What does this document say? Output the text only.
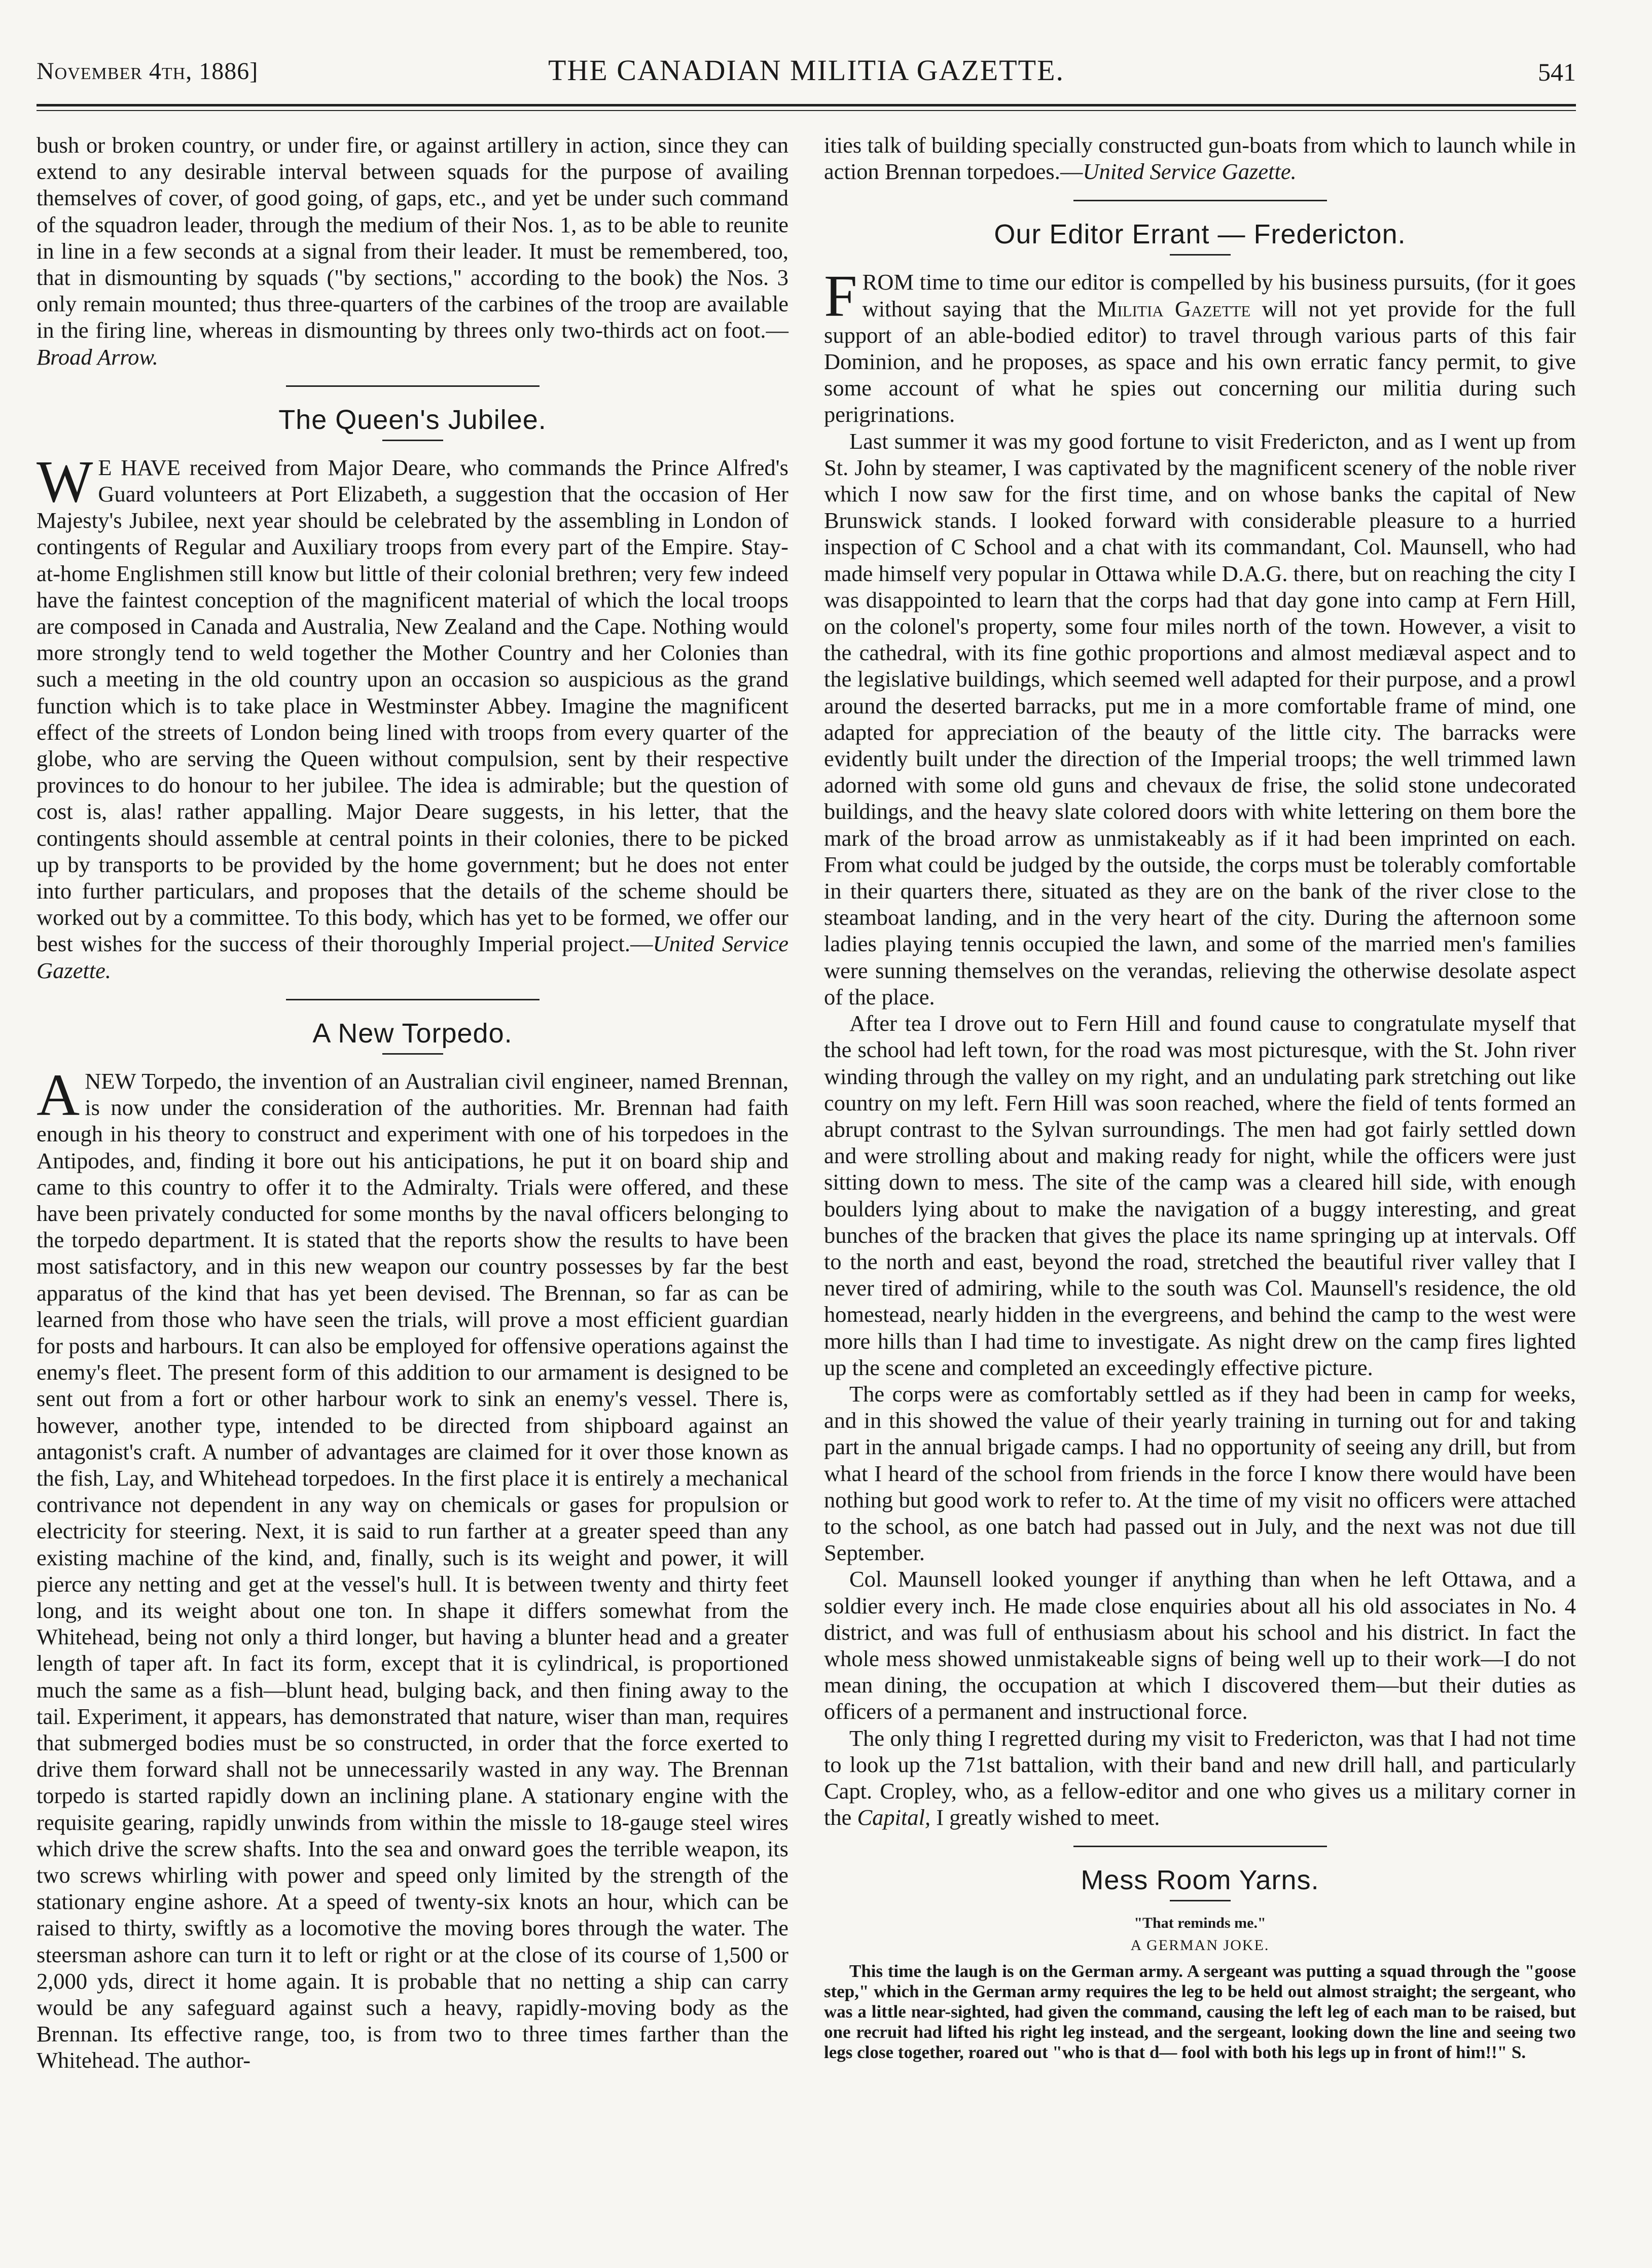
November 4th, 1886]	THE CANADIAN MILITIA GAZETTE.	541

bush or broken country, or under fire, or against artillery in action, since they can extend to any desirable interval between squads for the purpose of availing themselves of cover, of good going, of gaps, etc., and yet be under such command of the squadron leader, through the medium of their Nos. 1, as to be able to reunite in line in a few seconds at a signal from their leader. It must be remembered, too, that in dismounting by squads ("by sections," according to the book) the Nos. 3 only remain mounted; thus three-quarters of the carbines of the troop are available in the firing line, whereas in dismounting by threes only two-thirds act on foot.—Broad Arrow.

The Queen's Jubilee.

W E HAVE received from Major Deare, who commands the Prince Alfred's Guard volunteers at Port Elizabeth, a suggestion that the occasion of Her Majesty's Jubilee, next year should be celebrated by the assembling in London of contingents of Regular and Auxiliary troops from every part of the Empire. Stay-at-home Englishmen still know but little of their colonial brethren; very few indeed have the faintest conception of the magnificent material of which the local troops are composed in Canada and Australia, New Zealand and the Cape. Nothing would more strongly tend to weld together the Mother Country and her Colonies than such a meeting in the old country upon an occasion so auspicious as the grand function which is to take place in Westminster Abbey. Imagine the magnificent effect of the streets of London being lined with troops from every quarter of the globe, who are serving the Queen without compulsion, sent by their respective provinces to do honour to her jubilee. The idea is admirable; but the question of cost is, alas! rather appalling. Major Deare suggests, in his letter, that the contingents should assemble at central points in their colonies, there to be picked up by transports to be provided by the home government; but he does not enter into further particulars, and proposes that the details of the scheme should be worked out by a committee. To this body, which has yet to be formed, we offer our best wishes for the success of their thoroughly Imperial project.—United Service Gazette.

A New Torpedo.

ANEW Torpedo, the invention of an Australian civil engineer, named Brennan, is now under the consideration of the authorities. Mr. Brennan had faith enough in his theory to construct and experiment with one of his torpedoes in the Antipodes, and, finding it bore out his anticipations, he put it on board ship and came to this country to offer it to the Admiralty. Trials were offered, and these have been privately conducted for some months by the naval officers belonging to the torpedo department. It is stated that the reports show the results to have been most satisfactory, and in this new weapon our country possesses by far the best apparatus of the kind that has yet been devised. The Brennan, so far as can be learned from those who have seen the trials, will prove a most efficient guardian for posts and harbours. It can also be employed for offensive operations against the enemy's fleet. The present form of this addition to our armament is designed to be sent out from a fort or other harbour work to sink an enemy's vessel. There is, however, another type, intended to be directed from shipboard against an antagonist's craft. A number of advantages are claimed for it over those known as the fish, Lay, and Whitehead torpedoes. In the first place it is entirely a mechanical contrivance not dependent in any way on chemicals or gases for propulsion or electricity for steering. Next, it is said to run farther at a greater speed than any existing machine of the kind, and, finally, such is its weight and power, it will pierce any netting and get at the vessel's hull. It is between twenty and thirty feet long, and its weight about one ton. In shape it differs somewhat from the Whitehead, being not only a third longer, but having a blunter head and a greater length of taper aft. In fact its form, except that it is cylindrical, is proportioned much the same as a fish—blunt head, bulging back, and then fining away to the tail. Experiment, it appears, has demonstrated that nature, wiser than man, requires that submerged bodies must be so constructed, in order that the force exerted to drive them forward shall not be unnecessarily wasted in any way. The Brennan torpedo is started rapidly down an inclining plane. A stationary engine with the requisite gearing, rapidly unwinds from within the missle to 18-gauge steel wires which drive the screw shafts. Into the sea and onward goes the terrible weapon, its two screws whirling with power and speed only limited by the strength of the stationary engine ashore. At a speed of twenty-six knots an hour, which can be raised to thirty, swiftly as a locomotive the moving bores through the water. The steersman ashore can turn it to left or right or at the close of its course of 1,500 or 2,000 yds, direct it home again. It is probable that no netting a ship can carry would be any safeguard against such a heavy, rapidly-moving body as the Brennan. Its effective range, too, is from two to three times farther than the Whitehead. The author-

ities talk of building specially constructed gun-boats from which to launch while in action Brennan torpedoes.—United Service Gazette.

Our Editor Errant — Fredericton.

FROM time to time our editor is compelled by his business pursuits, (for it goes without saying that the Militia Gazette will not yet provide for the full support of an able-bodied editor) to travel through various parts of this fair Dominion, and he proposes, as space and his own erratic fancy permit, to give some account of what he spies out concerning our militia during such perigrinations.

Last summer it was my good fortune to visit Fredericton, and as I went up from St. John by steamer, I was captivated by the magnificent scenery of the noble river which I now saw for the first time, and on whose banks the capital of New Brunswick stands. I looked forward with considerable pleasure to a hurried inspection of C School and a chat with its commandant, Col. Maunsell, who had made himself very popular in Ottawa while D.A.G. there, but on reaching the city I was disappointed to learn that the corps had that day gone into camp at Fern Hill, on the colonel's property, some four miles north of the town. However, a visit to the cathedral, with its fine gothic proportions and almost mediæval aspect and to the legislative buildings, which seemed well adapted for their purpose, and a prowl around the deserted barracks, put me in a more comfortable frame of mind, one adapted for appreciation of the beauty of the little city. The barracks were evidently built under the direction of the Imperial troops; the well trimmed lawn adorned with some old guns and chevaux de frise, the solid stone undecorated buildings, and the heavy slate colored doors with white lettering on them bore the mark of the broad arrow as unmistakeably as if it had been imprinted on each. From what could be judged by the outside, the corps must be tolerably comfortable in their quarters there, situated as they are on the bank of the river close to the steamboat landing, and in the very heart of the city. During the afternoon some ladies playing tennis occupied the lawn, and some of the married men's families were sunning themselves on the verandas, relieving the otherwise desolate aspect of the place.

After tea I drove out to Fern Hill and found cause to congratulate myself that the school had left town, for the road was most picturesque, with the St. John river winding through the valley on my right, and an undulating park stretching out like country on my left. Fern Hill was soon reached, where the field of tents formed an abrupt contrast to the Sylvan surroundings. The men had got fairly settled down and were strolling about and making ready for night, while the officers were just sitting down to mess. The site of the camp was a cleared hill side, with enough boulders lying about to make the navigation of a buggy interesting, and great bunches of the bracken that gives the place its name springing up at intervals. Off to the north and east, beyond the road, stretched the beautiful river valley that I never tired of admiring, while to the south was Col. Maunsell's residence, the old homestead, nearly hidden in the evergreens, and behind the camp to the west were more hills than I had time to investigate. As night drew on the camp fires lighted up the scene and completed an exceedingly effective picture.

The corps were as comfortably settled as if they had been in camp for weeks, and in this showed the value of their yearly training in turning out for and taking part in the annual brigade camps. I had no opportunity of seeing any drill, but from what I heard of the school from friends in the force I know there would have been nothing but good work to refer to. At the time of my visit no officers were attached to the school, as one batch had passed out in July, and the next was not due till September.

Col. Maunsell looked younger if anything than when he left Ottawa, and a soldier every inch. He made close enquiries about all his old associates in No. 4 district, and was full of enthusiasm about his school and his district. In fact the whole mess showed unmistakeable signs of being well up to their work—I do not mean dining, the occupation at which I discovered them—but their duties as officers of a permanent and instructional force.

The only thing I regretted during my visit to Fredericton, was that I had not time to look up the 71st battalion, with their band and new drill hall, and particularly Capt. Cropley, who, as a fellow-editor and one who gives us a military corner in the Capital, I greatly wished to meet.

Mess Room Yarns.
"That reminds me."
A GERMAN JOKE.

This time the laugh is on the German army. A sergeant was putting a squad through the "goose step," which in the German army requires the leg to be held out almost straight; the sergeant, who was a little near-sighted, had given the command, causing the left leg of each man to be raised, but one recruit had lifted his right leg instead, and the sergeant, looking down the line and seeing two legs close together, roared out "who is that d— fool with both his legs up in front of him!!" S.
